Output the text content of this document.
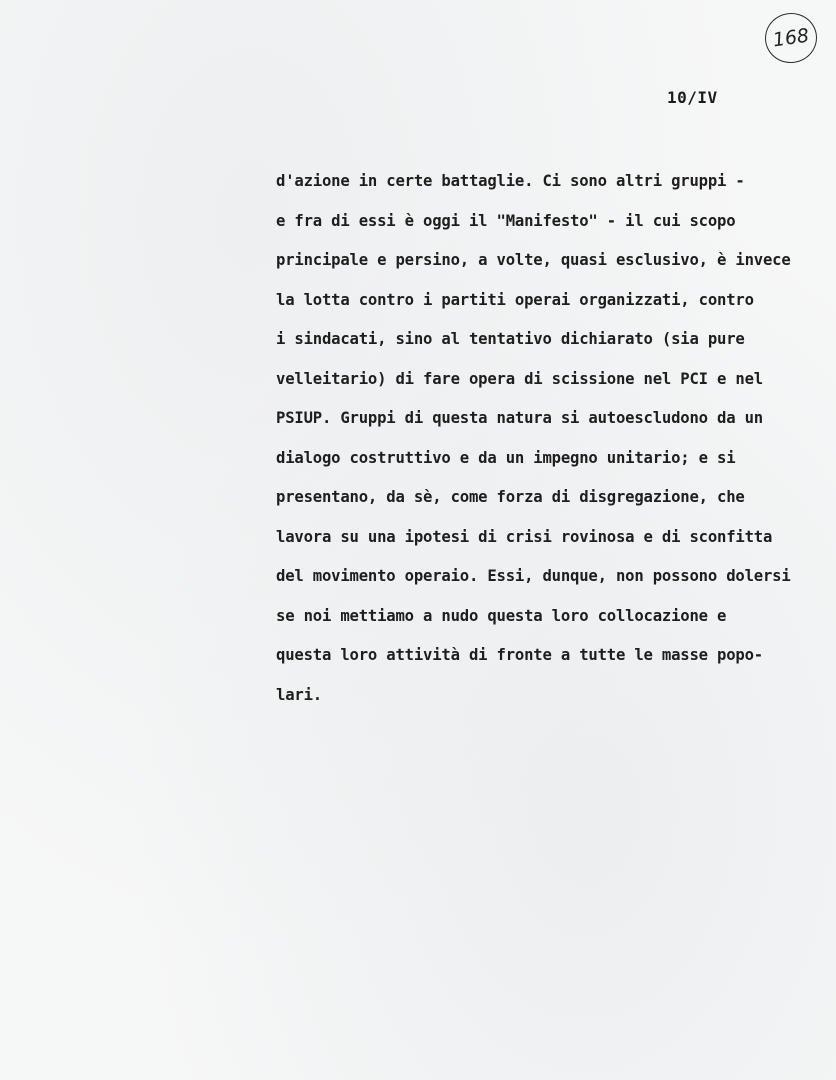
168
10/IV
d'azione in certe battaglie. Ci sono altri gruppi -
e fra di essi è oggi il "Manifesto" - il cui scopo
principale e persino, a volte, quasi esclusivo, è invece
la lotta contro i partiti operai organizzati, contro
i sindacati, sino al tentativo dichiarato (sia pure
velleitario) di fare opera di scissione nel PCI e nel
PSIUP. Gruppi di questa natura si autoescludono da un
dialogo costruttivo e da un impegno unitario; e si
presentano, da sè, come forza di disgregazione, che
lavora su una ipotesi di crisi rovinosa e di sconfitta
del movimento operaio. Essi, dunque, non possono dolersi
se noi mettiamo a nudo questa loro collocazione e
questa loro attività di fronte a tutte le masse popo-
lari.
